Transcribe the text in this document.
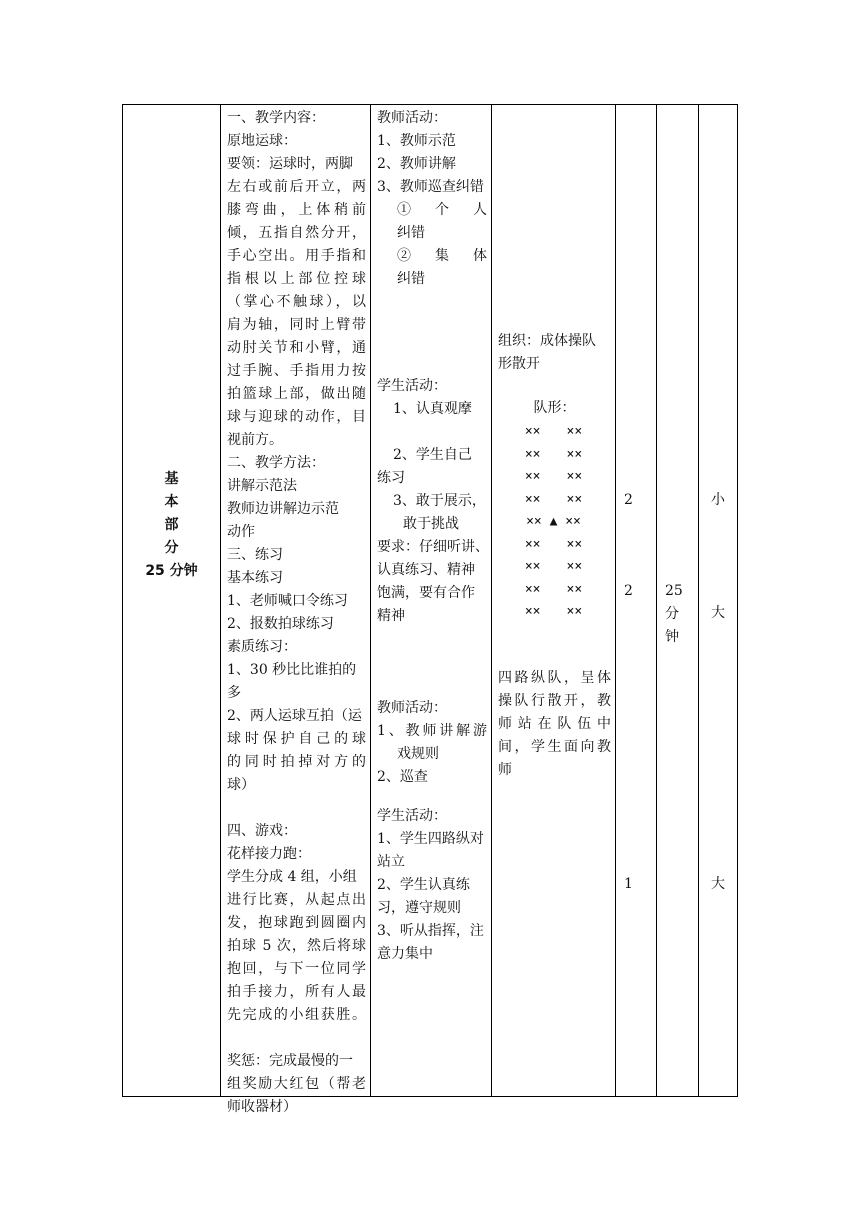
基
本
部
分
25 分钟
一、教学内容：
原地运球：
要领：运球时，两脚
左右或前后开立，两
膝弯曲，上体稍前
倾，五指自然分开，
手心空出。用手指和
指根以上部位控球
（掌心不触球），以
肩为轴，同时上臂带
动肘关节和小臂，通
过手腕、手指用力按
拍篮球上部，做出随
球与迎球的动作，目
视前方。
二、教学方法：
讲解示范法
教师边讲解边示范
动作
三、练习
基本练习
1、老师喊口令练习
2、报数拍球练习
素质练习：
1、30 秒比比谁拍的
多
2、两人运球互拍（运
球时保护自己的球
的同时拍掉对方的
球）
四、游戏：
花样接力跑：
学生分成 4 组，小组
进行比赛，从起点出
发，抱球跑到圆圈内
拍球 5 次，然后将球
抱回，与下一位同学
拍手接力，所有人最
先完成的小组获胜。
奖惩：完成最慢的一
组奖励大红包（帮老
师收器材）
教师活动：
1、教师示范
2、教师讲解
3、教师巡查纠错
①　个　人
纠错
②　集　体
纠错
学生活动：
1、认真观摩
2、学生自己
练习
3、敢于展示，
敢于挑战
要求：仔细听讲、
认真练习、精神
饱满，要有合作
精神
教师活动：
1、教师讲解游
戏规则
2、巡查
学生活动：
1、学生四路纵对
站立
2、学生认真练
习，遵守规则
3、听从指挥，注
意力集中
组织：成体操队
形散开
队形：
××　　××
××　　××
××　　××
××　　××
×× ▲ ××
××　　××
××　　××
××　　××
××　　××
四路纵队，呈体
操队行散开，教
师站在队伍中
间，学生面向教
师
2
2
1
25
分
钟
小
大
大
